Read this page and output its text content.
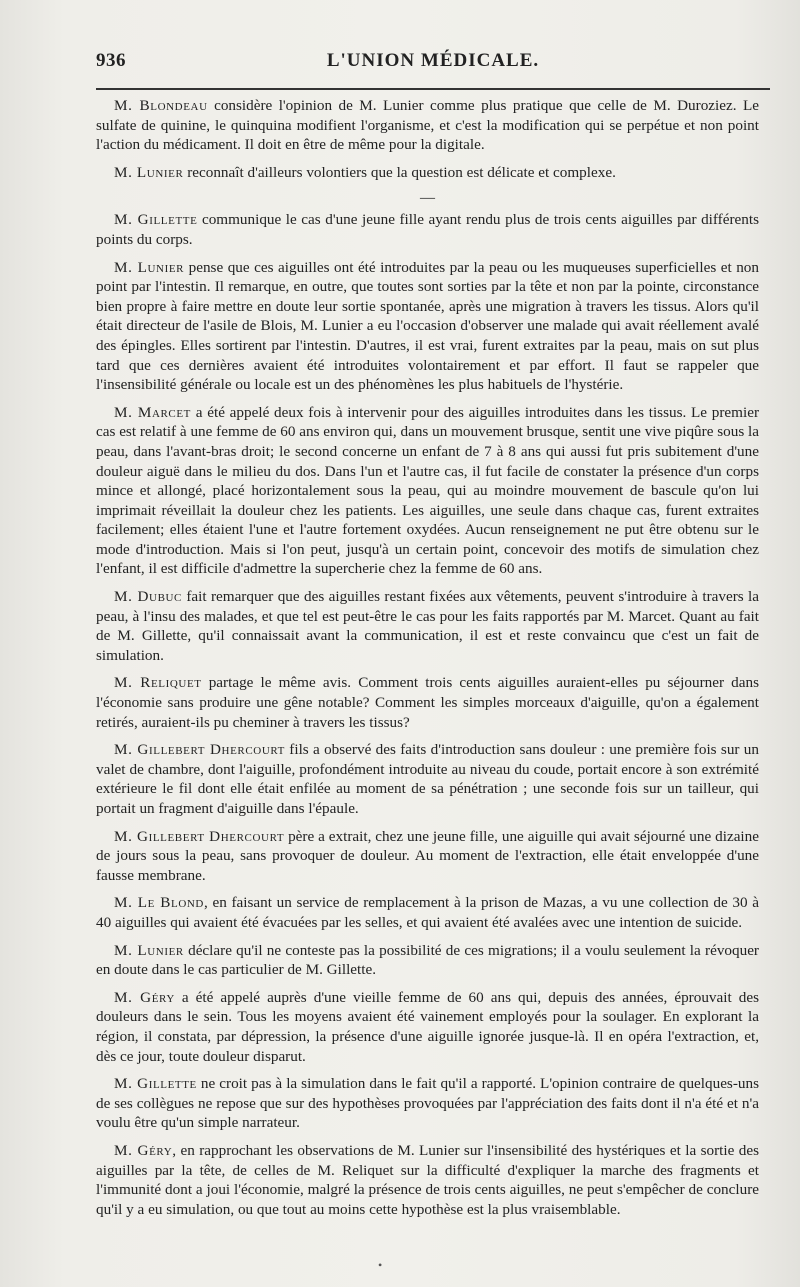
936	L'UNION MÉDICALE.

M. Blondeau considère l'opinion de M. Lunier comme plus pratique que celle de M. Duroziez. Le sulfate de quinine, le quinquina modifient l'organisme, et c'est la modification qui se perpétue et non point l'action du médicament. Il doit en être de même pour la digitale.

M. Lunier reconnaît d'ailleurs volontiers que la question est délicate et complexe.

—

M. Gillette communique le cas d'une jeune fille ayant rendu plus de trois cents aiguilles par différents points du corps.

M. Lunier pense que ces aiguilles ont été introduites par la peau ou les muqueuses superficielles et non point par l'intestin. Il remarque, en outre, que toutes sont sorties par la tête et non par la pointe, circonstance bien propre à faire mettre en doute leur sortie spontanée, après une migration à travers les tissus. Alors qu'il était directeur de l'asile de Blois, M. Lunier a eu l'occasion d'observer une malade qui avait réellement avalé des épingles. Elles sortirent par l'intestin. D'autres, il est vrai, furent extraites par la peau, mais on sut plus tard que ces dernières avaient été introduites volontairement et par effort. Il faut se rappeler que l'insensibilité générale ou locale est un des phénomènes les plus habituels de l'hystérie.

M. Marcet a été appelé deux fois à intervenir pour des aiguilles introduites dans les tissus. Le premier cas est relatif à une femme de 60 ans environ qui, dans un mouvement brusque, sentit une vive piqûre sous la peau, dans l'avant-bras droit; le second concerne un enfant de 7 à 8 ans qui aussi fut pris subitement d'une douleur aiguë dans le milieu du dos. Dans l'un et l'autre cas, il fut facile de constater la présence d'un corps mince et allongé, placé horizontalement sous la peau, qui au moindre mouvement de bascule qu'on lui imprimait réveillait la douleur chez les patients. Les aiguilles, une seule dans chaque cas, furent extraites facilement; elles étaient l'une et l'autre fortement oxydées. Aucun renseignement ne put être obtenu sur le mode d'introduction. Mais si l'on peut, jusqu'à un certain point, concevoir des motifs de simulation chez l'enfant, il est difficile d'admettre la supercherie chez la femme de 60 ans.

M. Dubuc fait remarquer que des aiguilles restant fixées aux vêtements, peuvent s'introduire à travers la peau, à l'insu des malades, et que tel est peut-être le cas pour les faits rapportés par M. Marcet. Quant au fait de M. Gillette, qu'il connaissait avant la communication, il est et reste convaincu que c'est un fait de simulation.

M. Reliquet partage le même avis. Comment trois cents aiguilles auraient-elles pu séjourner dans l'économie sans produire une gêne notable? Comment les simples morceaux d'aiguille, qu'on a également retirés, auraient-ils pu cheminer à travers les tissus?

M. Gillebert Dhercourt fils a observé des faits d'introduction sans douleur : une première fois sur un valet de chambre, dont l'aiguille, profondément introduite au niveau du coude, portait encore à son extrémité extérieure le fil dont elle était enfilée au moment de sa pénétration ; une seconde fois sur un tailleur, qui portait un fragment d'aiguille dans l'épaule.

M. Gillebert Dhercourt père a extrait, chez une jeune fille, une aiguille qui avait séjourné une dizaine de jours sous la peau, sans provoquer de douleur. Au moment de l'extraction, elle était enveloppée d'une fausse membrane.

M. Le Blond, en faisant un service de remplacement à la prison de Mazas, a vu une collection de 30 à 40 aiguilles qui avaient été évacuées par les selles, et qui avaient été avalées avec une intention de suicide.

M. Lunier déclare qu'il ne conteste pas la possibilité de ces migrations; il a voulu seulement la révoquer en doute dans le cas particulier de M. Gillette.

M. Géry a été appelé auprès d'une vieille femme de 60 ans qui, depuis des années, éprouvait des douleurs dans le sein. Tous les moyens avaient été vainement employés pour la soulager. En explorant la région, il constata, par dépression, la présence d'une aiguille ignorée jusque-là. Il en opéra l'extraction, et, dès ce jour, toute douleur disparut.

M. Gillette ne croit pas à la simulation dans le fait qu'il a rapporté. L'opinion contraire de quelques-uns de ses collègues ne repose que sur des hypothèses provoquées par l'appréciation des faits dont il n'a été et n'a voulu être qu'un simple narrateur.

M. Géry, en rapprochant les observations de M. Lunier sur l'insensibilité des hystériques et la sortie des aiguilles par la tête, de celles de M. Reliquet sur la difficulté d'expliquer la marche des fragments et l'immunité dont a joui l'économie, malgré la présence de trois cents aiguilles, ne peut s'empêcher de conclure qu'il y a eu simulation, ou que tout au moins cette hypothèse est la plus vraisemblable.

•
